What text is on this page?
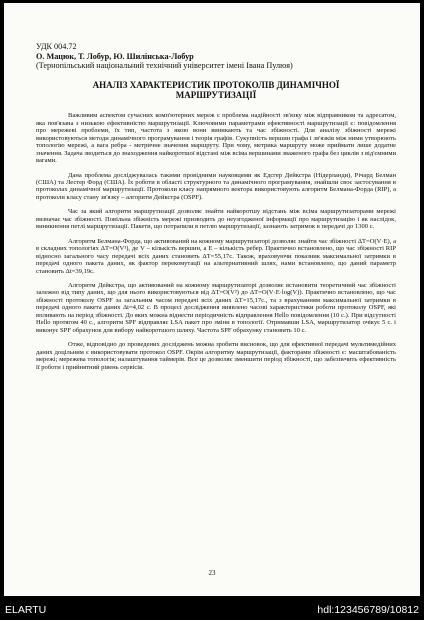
УДК 004.72
О. Мацюк, Т. Лобур, Ю. Шилінська-Лобур
(Тернопільський національний технічний університет імені Івана Пулюя)
АНАЛІЗ ХАРАКТЕРИСТИК ПРОТОКОЛІВ ДИНАМІЧНОЇ МАРШРУТИЗАЦІЇ

Важливим аспектом сучасних комп'ютерних мереж є проблема надійності зв'язку між відправником та адресатом, яка пов'язана з низькою ефективністю маршрутизації. Ключовими параметрами ефективності маршрутизації є: повідомлення про мережеві проблеми, їх тип, частота з якою вони виникають та час збіжності. Для аналізу збіжності мережі використовуються методи динамічного програмування і теорія графів. Сукупність вершин графа і зв'язків між ними утворюють топологію мережі, а вага ребра - метричне значення маршруту. При чому, метрика маршруту може приймати лише додатне значення. Задача зводиться до знаходження найкоротшої відстані між всіма вершинами зваженого графа без циклів з від'ємними вагами.

Дана проблема досліджувалась такими провідними науковцями як Едсгер Дейкстра (Нідерланди), Річард Белман (США) та Лестер Форд (США). Їх роботи в області структурного та динамічного програмування, знайшли своє застосування в протоколах динамічної маршрутизації. Протоколи класу напрямного вектора використовують алгоритм Белмана-Форда (RIP), а протоколи класу стану зв'язку – алгоритм Дейкстра (OSPF).

Час за який алгоритм маршрутизації дозволяє знайти найкоротшу відстань між всіма маршрутизаторами мережі визначає час збіжності. Повільна збіжність мережі призводить до неузгодженої інформації про маршрутизацію і як наслідок, виникнення петлі маршрутизації. Пакети, що потрапили в петлю маршрутизації, зазнають затримок в передачі до 1300 с.

Алгоритм Белмана-Форда, що активований на кожному маршрутизаторі дозволяє знайти час збіжності ΔT=O(V·E), а в складних топологіях ΔT=O(V³), де V – кількість вершин, а E – кількість ребер. Практично встановлено, що час збіжності RIP відносно загального часу передачі всіх даних становить ΔT=55,17с. Також, враховуючи показник максимальної затримки в передачі одного пакета даних, як фактор перекомутації на альтернативний шлях, нами встановлено, що даний параметр становить Δt=39,19с.

Алгоритм Дейкстра, що активований на кожному маршрутизаторі дозволяє встановити теоретичний час збіжності залежно від типу даних, що для нього використовуються від ΔT=O(V²) до ΔT=O(V·E·log(V)). Практично встановлено, що час збіжності протоколу OSPF за загальним часом передачі всіх даних ΔT=15,17с., та з врахуванням максимальної затримки в передачі одного пакета даних Δt=4,02 с. В процесі дослідження виявлено часові характеристики роботи протоколу OSPF, які впливають на період збіжності. До яких можна віднести періодичність відправлення Hello повідомлення (10 с.). При відсутності Hello протягом 40 с., алгоритм SPF відправляє LSA пакет про зміни в топології. Отримавши LSA, маршрутизатор очікує 5 с. і виконує SPF обрахунок для вибору найкоротшого шляху. Частота SPF обрахунку становить 10 с.

Отже, відповідно до проведених досліджень можна зробити висновок, що для ефективної передачі мультимедійних даних доцільним є використовувати протокол OSPF. Окрім алгоритму маршрутизації, факторами збіжності є: масштабованість мережі; мережева топологія; налаштування таймерів. Все це дозволяє зменшити період збіжності, що забезпечить ефективність її роботи і прийнятний рівень сервісів.

23
ELARTU	hdl:123456789/10812
